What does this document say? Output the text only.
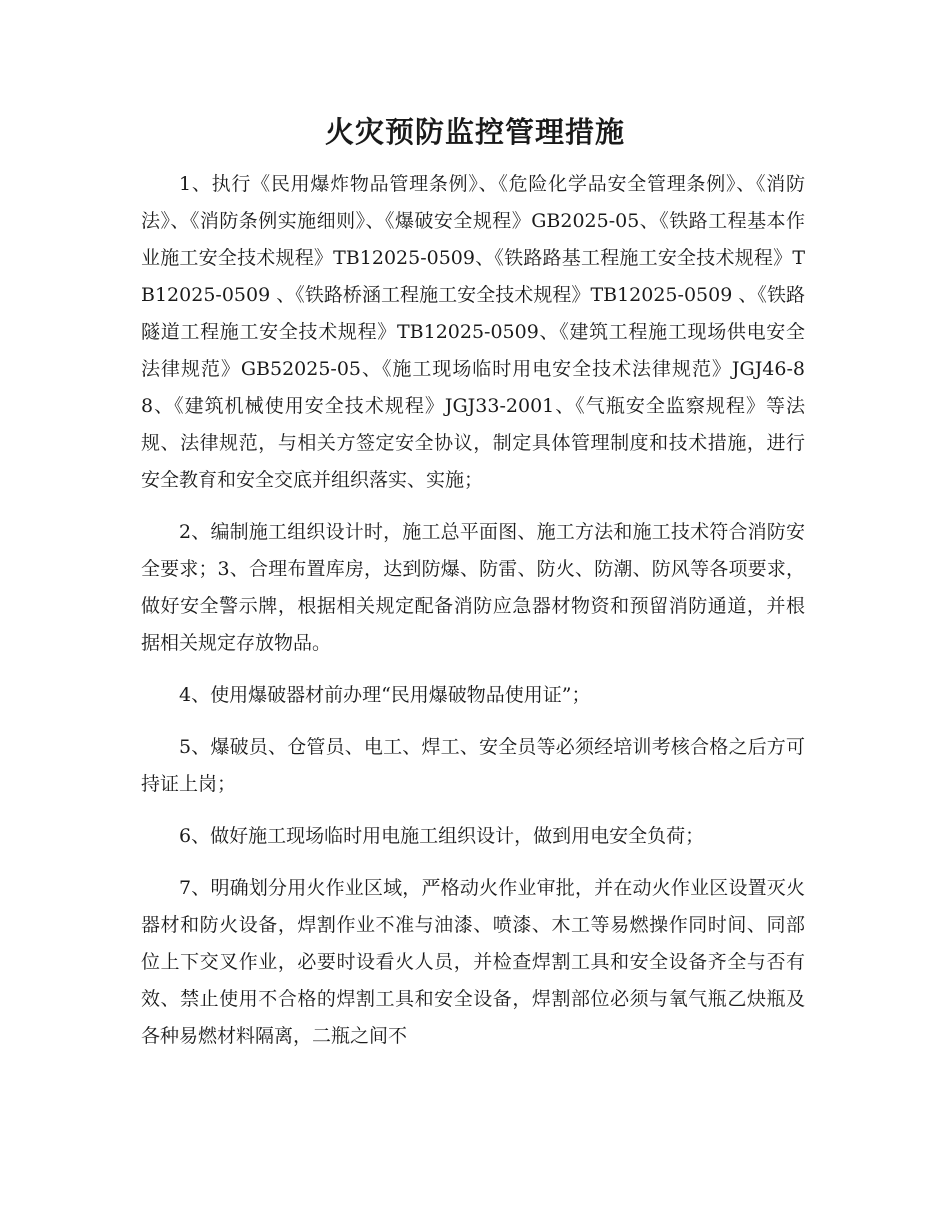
火灾预防监控管理措施

1、执行《民用爆炸物品管理条例》、《危险化学品安全管理条例》、《消防法》、《消防条例实施细则》、《爆破安全规程》GB2025-05、《铁路工程基本作业施工安全技术规程》TB12025-0509、《铁路路基工程施工安全技术规程》TB12025-0509 、《铁路桥涵工程施工安全技术规程》TB12025-0509 、《铁路隧道工程施工安全技术规程》TB12025-0509、《建筑工程施工现场供电安全法律规范》GB52025-05、《施工现场临时用电安全技术法律规范》JGJ46-88、《建筑机械使用安全技术规程》JGJ33-2001、《气瓶安全监察规程》等法规、法律规范，与相关方签定安全协议，制定具体管理制度和技术措施，进行安全教育和安全交底并组织落实、实施；

2、编制施工组织设计时，施工总平面图、施工方法和施工技术符合消防安全要求；3、合理布置库房，达到防爆、防雷、防火、防潮、防风等各项要求，做好安全警示牌，根据相关规定配备消防应急器材物资和预留消防通道，并根据相关规定存放物品。

4、使用爆破器材前办理“民用爆破物品使用证”；

5、爆破员、仓管员、电工、焊工、安全员等必须经培训考核合格之后方可持证上岗；

6、做好施工现场临时用电施工组织设计，做到用电安全负荷；

7、明确划分用火作业区域，严格动火作业审批，并在动火作业区设置灭火器材和防火设备，焊割作业不准与油漆、喷漆、木工等易燃操作同时间、同部位上下交叉作业，必要时设看火人员，并检查焊割工具和安全设备齐全与否有效、禁止使用不合格的焊割工具和安全设备，焊割部位必须与氧气瓶乙炔瓶及各种易燃材料隔离，二瓶之间不
